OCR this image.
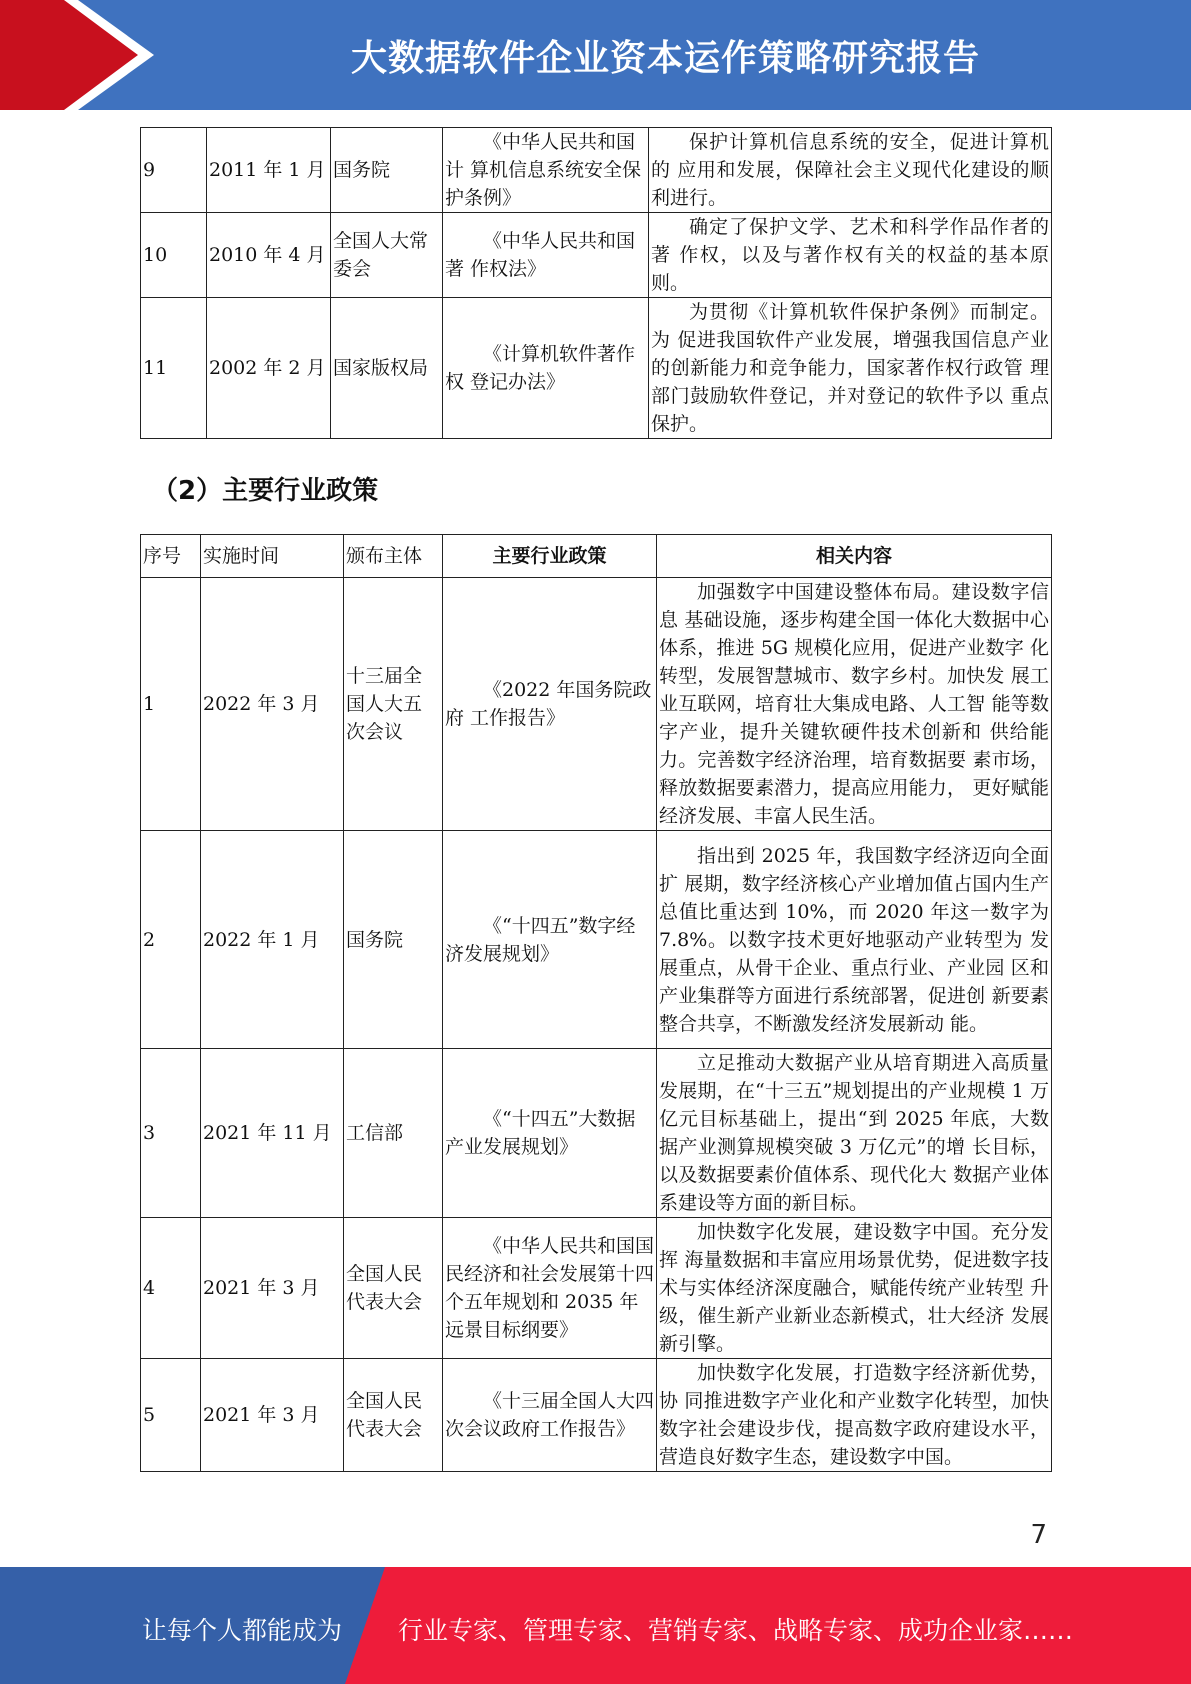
大数据软件企业资本运作策略研究报告
9	2011 年 1 月	国务院	《中华人民共和国计 算机信息系统安全保 护条例》	保护计算机信息系统的安全，促进计算机的 应用和发展，保障社会主义现代化建设的顺 利进行。
10	2010 年 4 月	全国人大常委会	《中华人民共和国著 作权法》	确定了保护文学、艺术和科学作品作者的著 作权，以及与著作权有关的权益的基本原则。
11	2002 年 2 月	国家版权局	《计算机软件著作权 登记办法》	为贯彻《计算机软件保护条例》而制定。为 促进我国软件产业发展，增强我国信息产业 的创新能力和竞争能力，国家著作权行政管 理部门鼓励软件登记，并对登记的软件予以 重点保护。
（2）主要行业政策
序号	实施时间	颁布主体	主要行业政策	相关内容
1	2022 年 3 月	十三届全国人大五次会议	《2022 年国务院政府 工作报告》	加强数字中国建设整体布局。建设数字信息 基础设施，逐步构建全国一体化大数据中心 体系，推进 5G 规模化应用，促进产业数字 化转型，发展智慧城市、数字乡村。加快发 展工业互联网，培育壮大集成电路、人工智 能等数字产业，提升关键软硬件技术创新和 供给能力。完善数字经济治理，培育数据要 素市场，释放数据要素潜力，提高应用能力， 更好赋能经济发展、丰富人民生活。
2	2022 年 1 月	国务院	《“十四五”数字经 济发展规划》	指出到 2025 年，我国数字经济迈向全面扩 展期，数字经济核心产业增加值占国内生产 总值比重达到 10%，而 2020 年这一数字为 7.8%。以数字技术更好地驱动产业转型为 发展重点，从骨干企业、重点行业、产业园 区和产业集群等方面进行系统部署，促进创 新要素整合共享，不断激发经济发展新动 能。
3	2021 年 11 月	工信部	《“十四五”大数据 产业发展规划》	立足推动大数据产业从培育期进入高质量 发展期，在“十三五”规划提出的产业规模 1 万亿元目标基础上，提出“到 2025 年底，大数据产业测算规模突破 3 万亿元”的增 长目标，以及数据要素价值体系、现代化大 数据产业体系建设等方面的新目标。
4	2021 年 3 月	全国人民代表大会	《中华人民共和国国 民经济和社会发展第十四个五年规划和 2035 年远景目标纲要》	加快数字化发展，建设数字中国。充分发挥 海量数据和丰富应用场景优势，促进数字技 术与实体经济深度融合，赋能传统产业转型 升级，催生新产业新业态新模式，壮大经济 发展新引擎。
5	2021 年 3 月	全国人民代表大会	《十三届全国人大四 次会议政府工作报告》	加快数字化发展，打造数字经济新优势，协 同推进数字产业化和产业数字化转型，加快 数字社会建设步伐，提高数字政府建设水平，营造良好数字生态，建设数字中国。
7
让每个人都能成为 行业专家、管理专家、营销专家、战略专家、成功企业家……
